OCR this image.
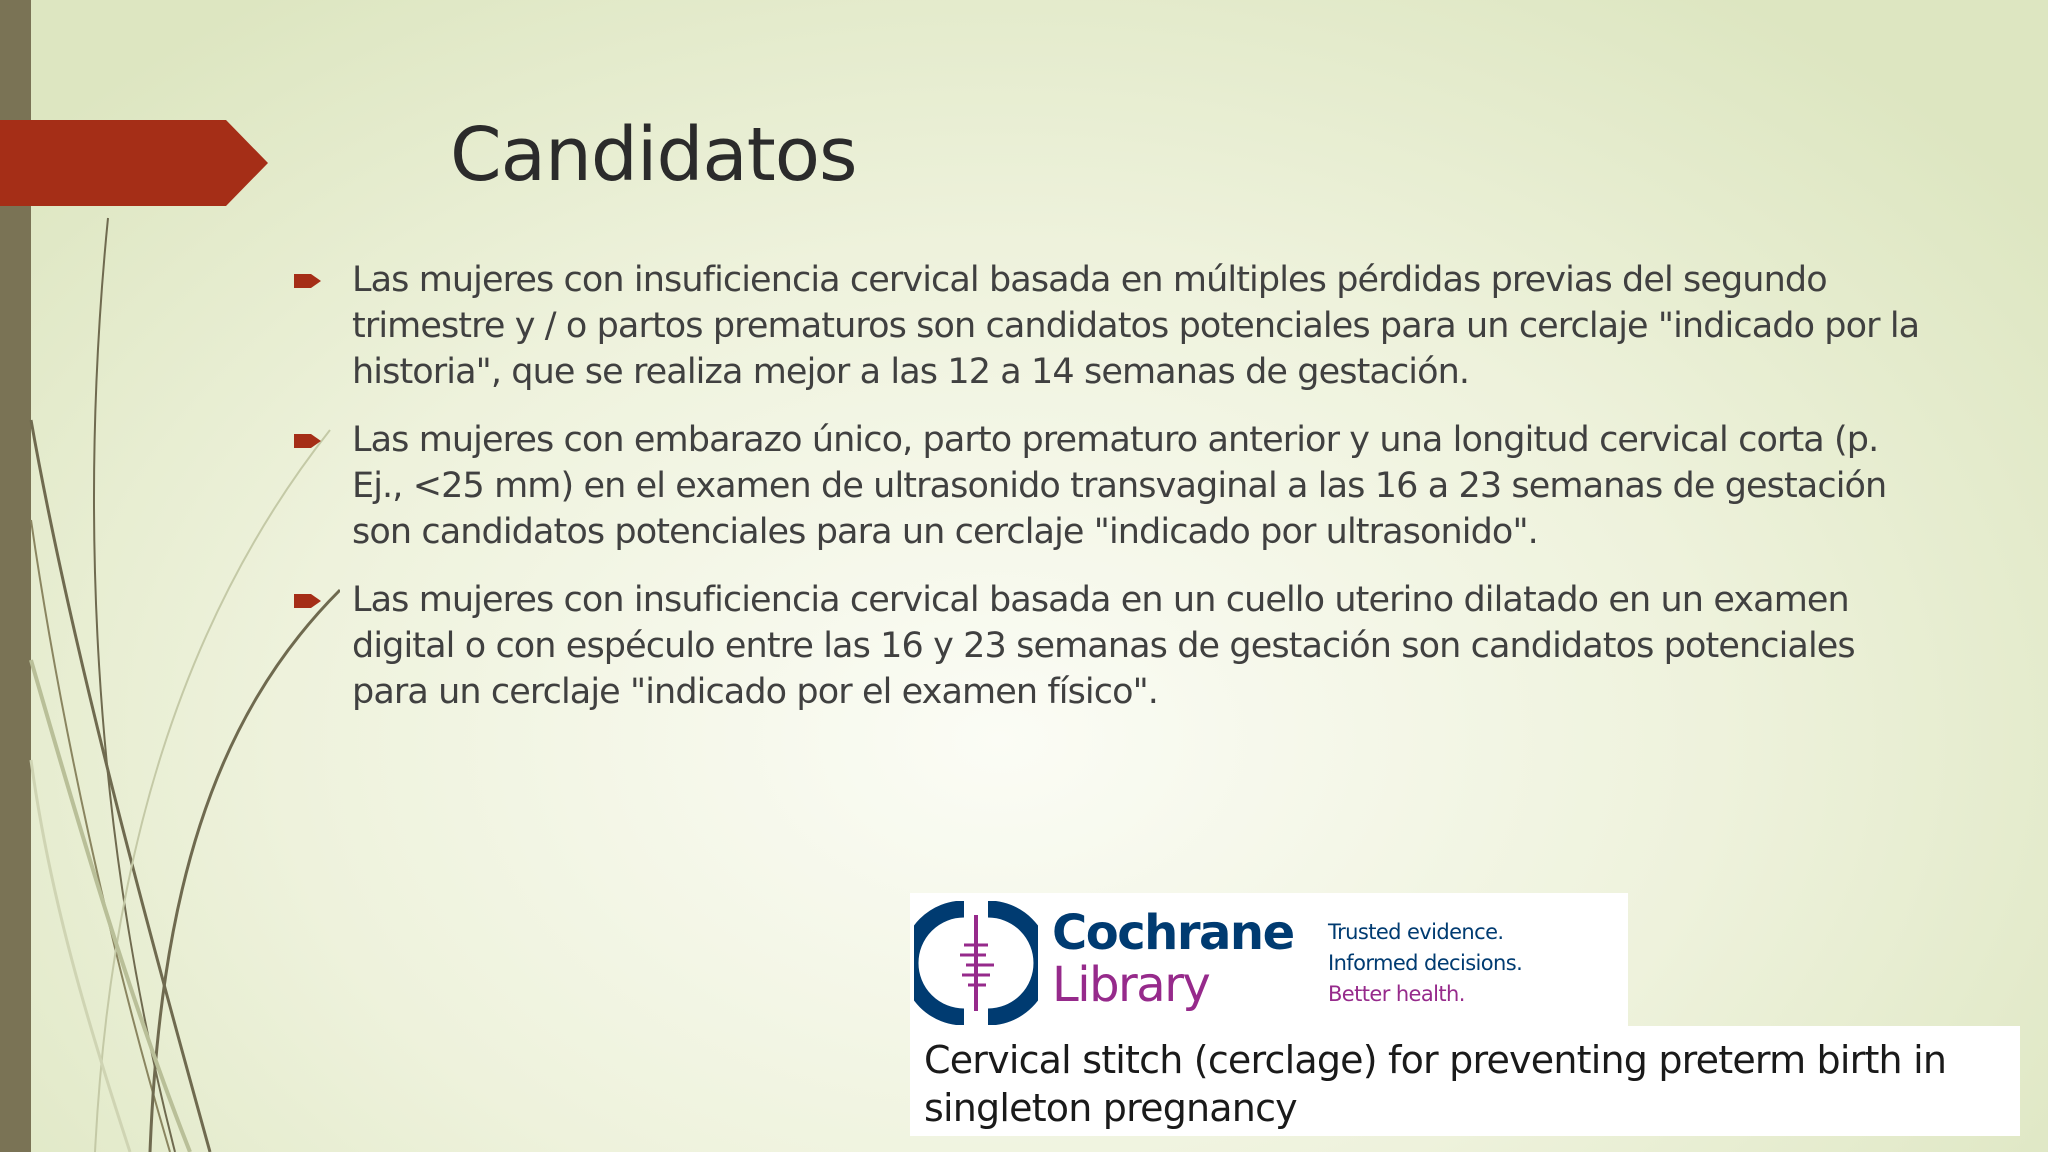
Candidatos
Las mujeres con insuficiencia cervical basada en múltiples pérdidas previas del segundo trimestre y / o partos prematuros son candidatos potenciales para un cerclaje "indicado por la historia", que se realiza mejor a las 12 a 14 semanas de gestación.
Las mujeres con embarazo único, parto prematuro anterior y una longitud cervical corta (p. Ej., <25 mm) en el examen de ultrasonido transvaginal a las 16 a 23 semanas de gestación son candidatos potenciales para un cerclaje "indicado por ultrasonido".
Las mujeres con insuficiencia cervical basada en un cuello uterino dilatado en un examen digital o con espéculo entre las 16 y 23 semanas de gestación son candidatos potenciales para un cerclaje "indicado por el examen físico".
Cochrane
Library
Trusted evidence.
Informed decisions.
Better health.

Cervical stitch (cerclage) for preventing preterm birth in singleton pregnancy
